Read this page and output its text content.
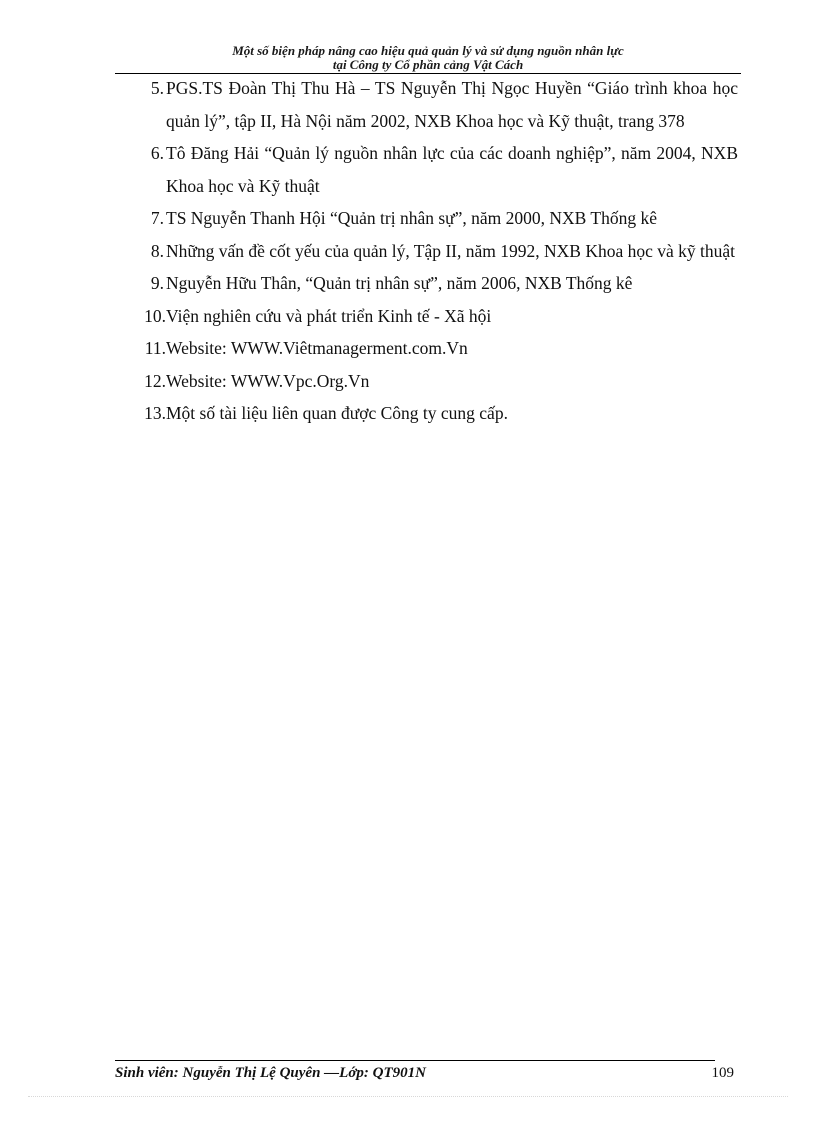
Một số biện pháp nâng cao hiệu quả quản lý và sử dụng nguồn nhân lực
tại Công ty Cổ phần cảng Vật Cách
5. PGS.TS Đoàn Thị Thu Hà – TS Nguyễn Thị Ngọc Huyền “Giáo trình khoa học quản lý”, tập II, Hà Nội năm 2002, NXB Khoa học và Kỹ thuật, trang 378
6. Tô Đăng Hải “Quản lý nguồn nhân lực của các doanh nghiệp”, năm 2004, NXB Khoa học và Kỹ thuật
7. TS Nguyễn Thanh Hội “Quản trị nhân sự”, năm 2000, NXB Thống kê
8. Những vấn đề cốt yếu của quản lý, Tập II, năm 1992, NXB Khoa học và kỹ thuật
9. Nguyễn Hữu Thân, “Quản trị nhân sự”, năm 2006, NXB Thống kê
10. Viện nghiên cứu và phát triển Kinh tế - Xã hội
11. Website: WWW.Viêtmanagerment.com.Vn
12. Website: WWW.Vpc.Org.Vn
13. Một số tài liệu liên quan được Công ty cung cấp.
Sinh viên: Nguyễn Thị Lệ Quyên —Lớp: QT901N	109
